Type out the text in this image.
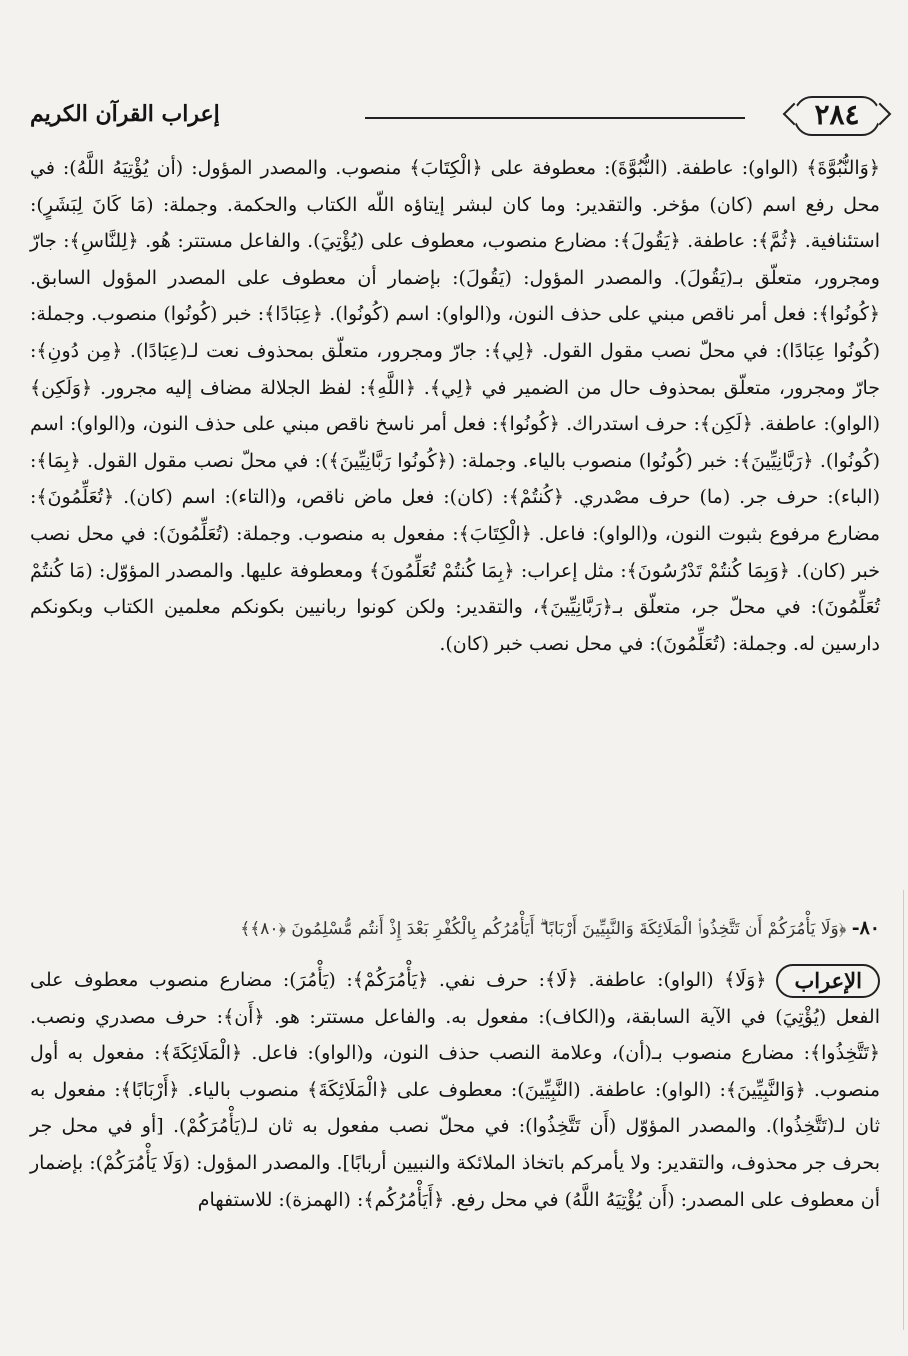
٢٨٤
إعراب القرآن الكريم
﴿وَالنُّبُوَّةَ﴾ (الواو): عاطفة. (النُّبُوَّةَ): معطوفة على ﴿الْكِتَابَ﴾ منصوب. والمصدر المؤول: (أن يُؤْتِيَهُ اللَّهُ): في محل رفع اسم (كان) مؤخر. والتقدير: وما كان لبشر إيتاؤه اللّه الكتاب والحكمة. وجملة: (مَا كَانَ لِبَشَرٍ): استئنافية. ﴿ثُمَّ﴾: عاطفة. ﴿يَقُولَ﴾: مضارع منصوب، معطوف على (يُؤْتِيَ). والفاعل مستتر: هُو. ﴿لِلنَّاسِ﴾: جارّ ومجرور، متعلّق بـ(يَقُولَ). والمصدر المؤول: (يَقُولَ): بإضمار أن معطوف على المصدر المؤول السابق. ﴿كُونُوا﴾: فعل أمر ناقص مبني على حذف النون، و(الواو): اسم (كُونُوا). ﴿عِبَادًا﴾: خبر (كُونُوا) منصوب. وجملة: (كُونُوا عِبَادًا): في محلّ نصب مقول القول. ﴿لِي﴾: جارّ ومجرور، متعلّق بمحذوف نعت لـ(عِبَادًا). ﴿مِن دُونِ﴾: جارّ ومجرور، متعلّق بمحذوف حال من الضمير في ﴿لِي﴾. ﴿اللَّهِ﴾: لفظ الجلالة مضاف إليه مجرور. ﴿وَلَكِن﴾ (الواو): عاطفة. ﴿لَكِن﴾: حرف استدراك. ﴿كُونُوا﴾: فعل أمر ناسخ ناقص مبني على حذف النون، و(الواو): اسم (كُونُوا). ﴿رَبَّانِيِّينَ﴾: خبر (كُونُوا) منصوب بالياء. وجملة: (﴿كُونُوا رَبَّانِيِّينَ﴾): في محلّ نصب مقول القول. ﴿بِمَا﴾: (الباء): حرف جر. (ما) حرف مصْدري. ﴿كُنتُمْ﴾: (كان): فعل ماض ناقص، و(التاء): اسم (كان). ﴿تُعَلِّمُونَ﴾: مضارع مرفوع بثبوت النون، و(الواو): فاعل. ﴿الْكِتَابَ﴾: مفعول به منصوب. وجملة: (تُعَلِّمُونَ): في محل نصب خبر (كان). ﴿وَبِمَا كُنتُمْ تَدْرُسُونَ﴾: مثل إعراب: ﴿بِمَا كُنتُمْ تُعَلِّمُونَ﴾ ومعطوفة عليها. والمصدر المؤوّل: (مَا كُنتُمْ تُعَلِّمُونَ): في محلّ جر، متعلّق بـ﴿رَبَّانِيِّينَ﴾، والتقدير: ولكن كونوا ربانيين بكونكم معلمين الكتاب وبكونكم دارسين له. وجملة: (تُعَلِّمُونَ): في محل نصب خبر (كان).
٨٠- ﴿وَلَا يَأْمُرَكُمْ أَن تَتَّخِذُوا۟ الْمَلَائِكَةَ وَالنَّبِيِّينَ أَرْبَابًا ۗ أَيَأْمُرُكُم بِالْكُفْرِ بَعْدَ إِذْ أَنتُم مُّسْلِمُونَ ﴿٨٠﴾﴾
الإعراب
﴿وَلَا﴾ (الواو): عاطفة. ﴿لَا﴾: حرف نفي. ﴿يَأْمُرَكُمْ﴾: (يَأْمُرَ): مضارع منصوب معطوف على الفعل (يُؤْتِيَ) في الآية السابقة، و(الكاف): مفعول به. والفاعل مستتر: هو. ﴿أَن﴾: حرف مصدري ونصب. ﴿تَتَّخِذُوا﴾: مضارع منصوب بـ(أن)، وعلامة النصب حذف النون، و(الواو): فاعل. ﴿الْمَلَائِكَةَ﴾: مفعول به أول منصوب. ﴿وَالنَّبِيِّينَ﴾: (الواو): عاطفة. (النَّبِيِّينَ): معطوف على ﴿الْمَلَائِكَةَ﴾ منصوب بالياء. ﴿أَرْبَابًا﴾: مفعول به ثان لـ(تَتَّخِذُوا). والمصدر المؤوّل (أَن تَتَّخِذُوا): في محلّ نصب مفعول به ثان لـ(يَأْمُرَكُمْ). [أو في محل جر بحرف جر محذوف، والتقدير: ولا يأمركم باتخاذ الملائكة والنبيين أربابًا]. والمصدر المؤول: (وَلَا يَأْمُرَكُمْ): بإضمار أن معطوف على المصدر: (أَن يُؤْتِيَهُ اللَّهُ) في محل رفع. ﴿أَيَأْمُرُكُم﴾: (الهمزة): للاستفهام
